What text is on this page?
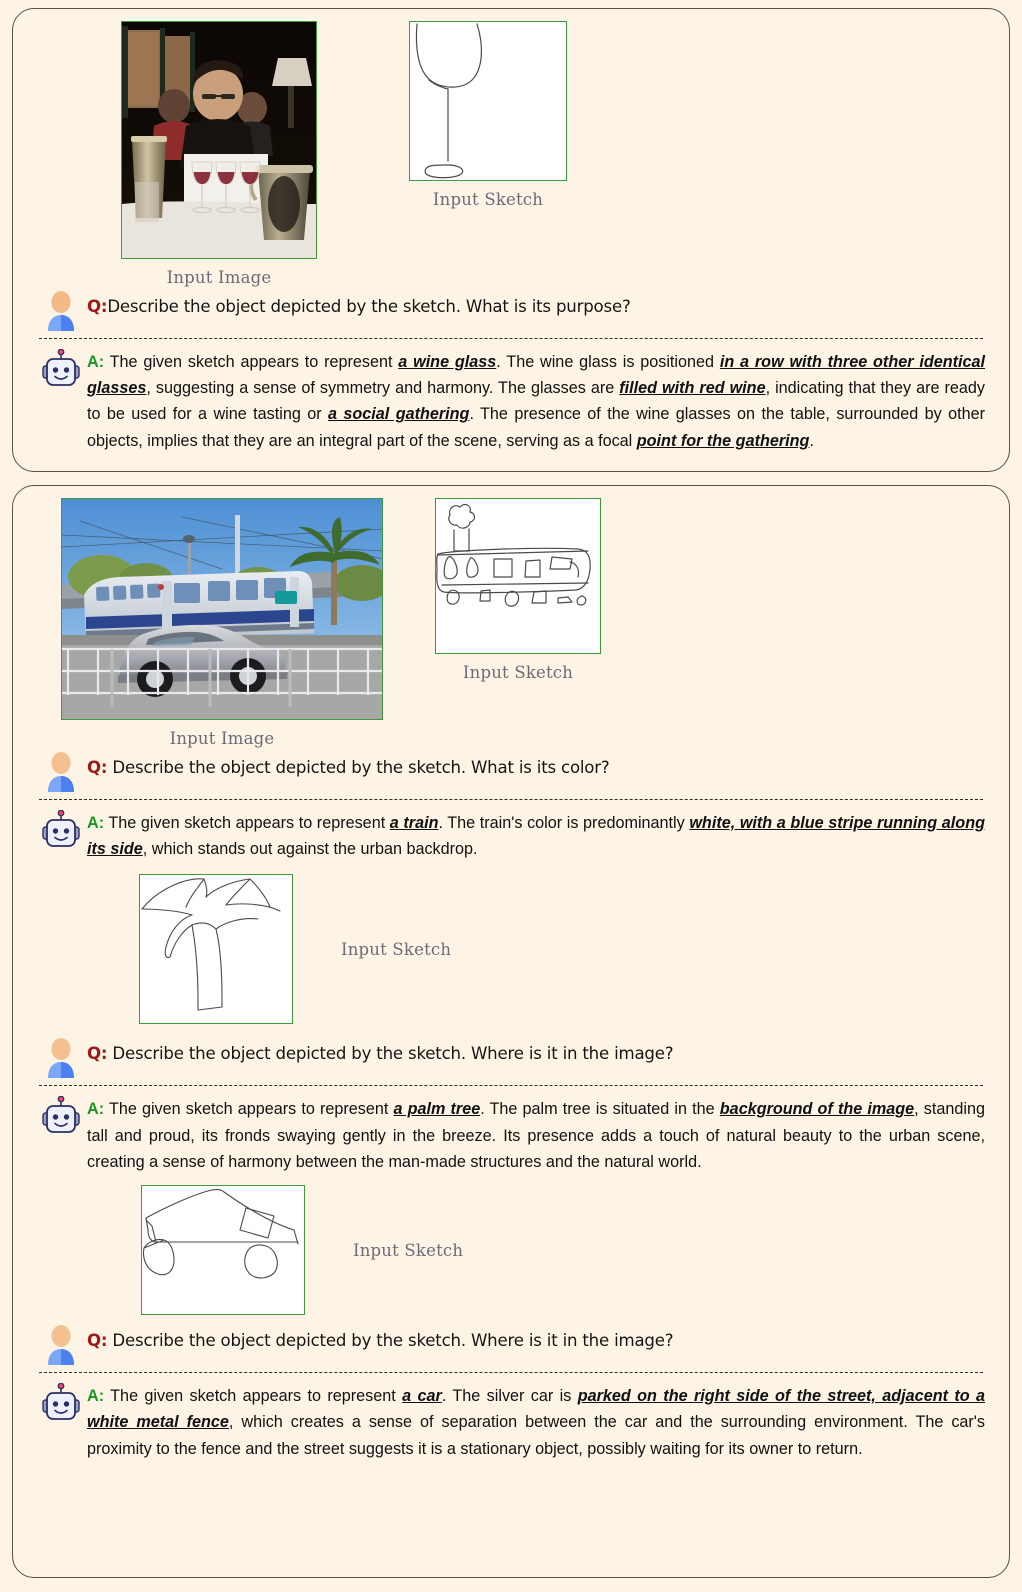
Input Image
Input Sketch
Q:Describe the object depicted by the sketch. What is its purpose?
A: The given sketch appears to represent a wine glass. The wine glass is positioned in a row with three other identical glasses, suggesting a sense of symmetry and harmony. The glasses are filled with red wine, indicating that they are ready to be used for a wine tasting or a social gathering. The presence of the wine glasses on the table, surrounded by other objects, implies that they are an integral part of the scene, serving as a focal point for the gathering.
Input Image
Input Sketch
Q: Describe the object depicted by the sketch. What is its color?
A: The given sketch appears to represent a train. The train's color is predominantly white, with a blue stripe running along its side, which stands out against the urban backdrop.
Input Sketch
Q: Describe the object depicted by the sketch. Where is it in the image?
A: The given sketch appears to represent a palm tree. The palm tree is situated in the background of the image, standing tall and proud, its fronds swaying gently in the breeze. Its presence adds a touch of natural beauty to the urban scene, creating a sense of harmony between the man-made structures and the natural world.
Input Sketch
Q: Describe the object depicted by the sketch. Where is it in the image?
A: The given sketch appears to represent a car. The silver car is parked on the right side of the street, adjacent to a white metal fence, which creates a sense of separation between the car and the surrounding environment. The car's proximity to the fence and the street suggests it is a stationary object, possibly waiting for its owner to return.
